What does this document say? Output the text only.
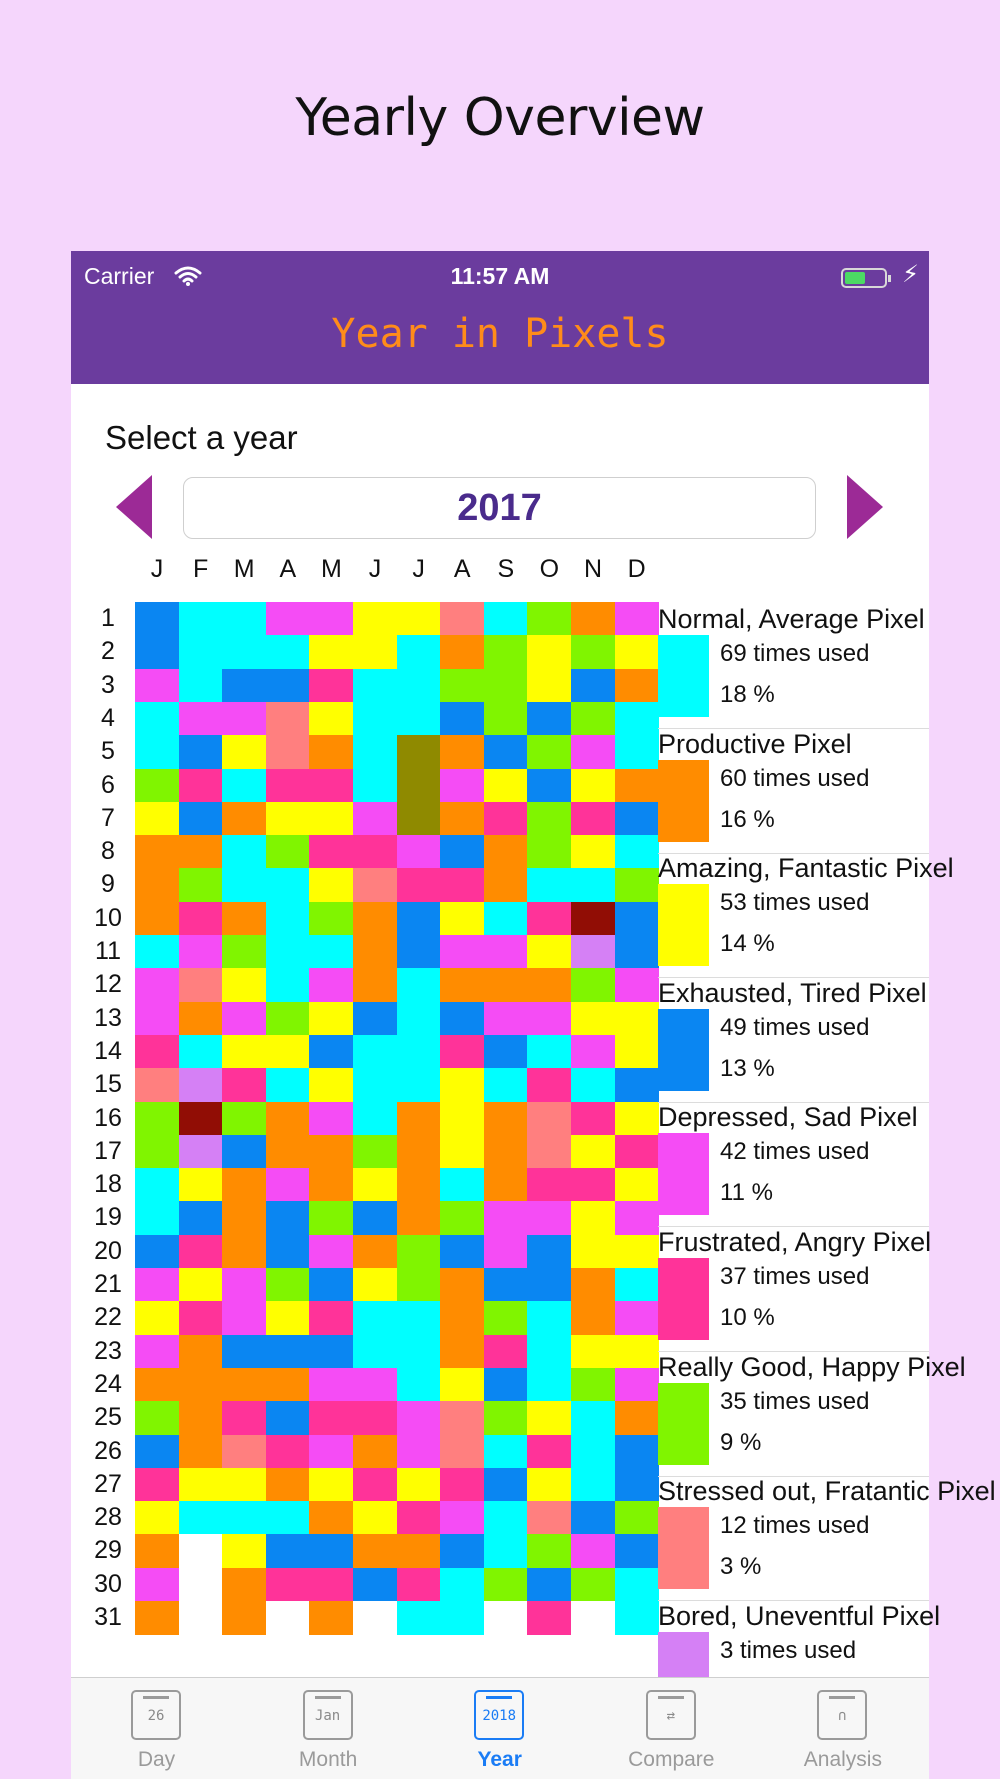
Yearly Overview
Carrier	11:57 AM	⚡︎
Year in Pixels
Select a year
2017
J	F	M A M	J	J	A	S	O N	D
1
2
3
4
5
6
7
8
9
10
11
12
13
14
15
16
17
18
19
20
21
22
23
24
25
26
27
28
29
30
31
Normal, Average Pixel
69 times used
18 %
Productive Pixel
60 times used
16 %
Amazing, Fantastic Pixel
53 times used
14 %
Exhausted, Tired Pixel
49 times used
13 %
Depressed, Sad Pixel
42 times used
11 %
Frustrated, Angry Pixel
37 times used
10 %
Really Good, Happy Pixel
35 times used
9 %
Stressed out, Fratantic Pixel
12 times used
3 %
Bored, Uneventful Pixel
3 times used
26
Day
Jan
Month
2018
Year
⇄
Compare
∩
Analysis
